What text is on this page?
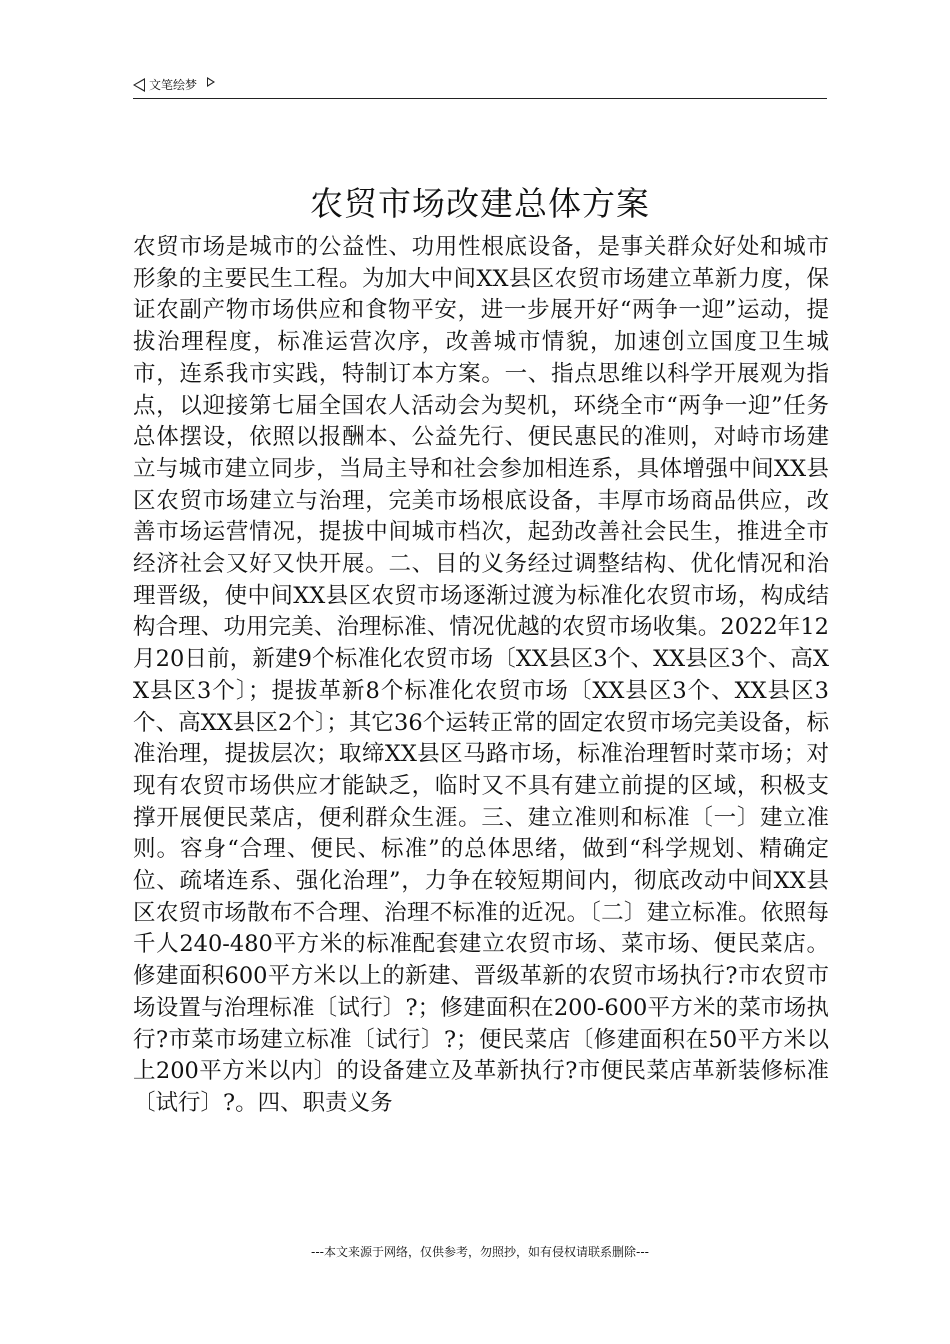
文笔绘梦
农贸市场改建总体方案

农贸市场是城市的公益性、功用性根底设备，是事关群众好处和城市形象的主要民生工程。为加大中间XX县区农贸市场建立革新力度，保证农副产物市场供应和食物平安，进一步展开好“两争一迎”运动，提拔治理程度，标准运营次序，改善城市情貌，加速创立国度卫生城市，连系我市实践，特制订本方案。一、指点思维以科学开展观为指点，以迎接第七届全国农人活动会为契机，环绕全市“两争一迎”任务总体摆设，依照以报酬本、公益先行、便民惠民的准则，对峙市场建立与城市建立同步，当局主导和社会参加相连系，具体增强中间XX县区农贸市场建立与治理，完美市场根底设备，丰厚市场商品供应，改善市场运营情况，提拔中间城市档次，起劲改善社会民生，推进全市经济社会又好又快开展。二、目的义务经过调整结构、优化情况和治理晋级，使中间XX县区农贸市场逐渐过渡为标准化农贸市场，构成结构合理、功用完美、治理标准、情况优越的农贸市场收集。2022年12月20日前，新建9个标准化农贸市场〔XX县区3个、XX县区3个、高XX县区3个〕；提拔革新8个标准化农贸市场〔XX县区3个、XX县区3个、高XX县区2个〕；其它36个运转正常的固定农贸市场完美设备，标准治理，提拔层次；取缔XX县区马路市场，标准治理暂时菜市场；对现有农贸市场供应才能缺乏，临时又不具有建立前提的区域，积极支撑开展便民菜店，便利群众生涯。三、建立准则和标准〔一〕建立准则。容身“合理、便民、标准”的总体思绪，做到“科学规划、精确定位、疏堵连系、强化治理”，力争在较短期间内，彻底改动中间XX县区农贸市场散布不合理、治理不标准的近况。〔二〕建立标准。依照每千人240-480平方米的标准配套建立农贸市场、菜市场、便民菜店。修建面积600平方米以上的新建、晋级革新的农贸市场执行?市农贸市场设置与治理标准〔试行〕?；修建面积在200-600平方米的菜市场执行?市菜市场建立标准〔试行〕?；便民菜店〔修建面积在50平方米以上200平方米以内〕的设备建立及革新执行?市便民菜店革新装修标准〔试行〕?。四、职责义务

---本文来源于网络，仅供参考，勿照抄，如有侵权请联系删除---
